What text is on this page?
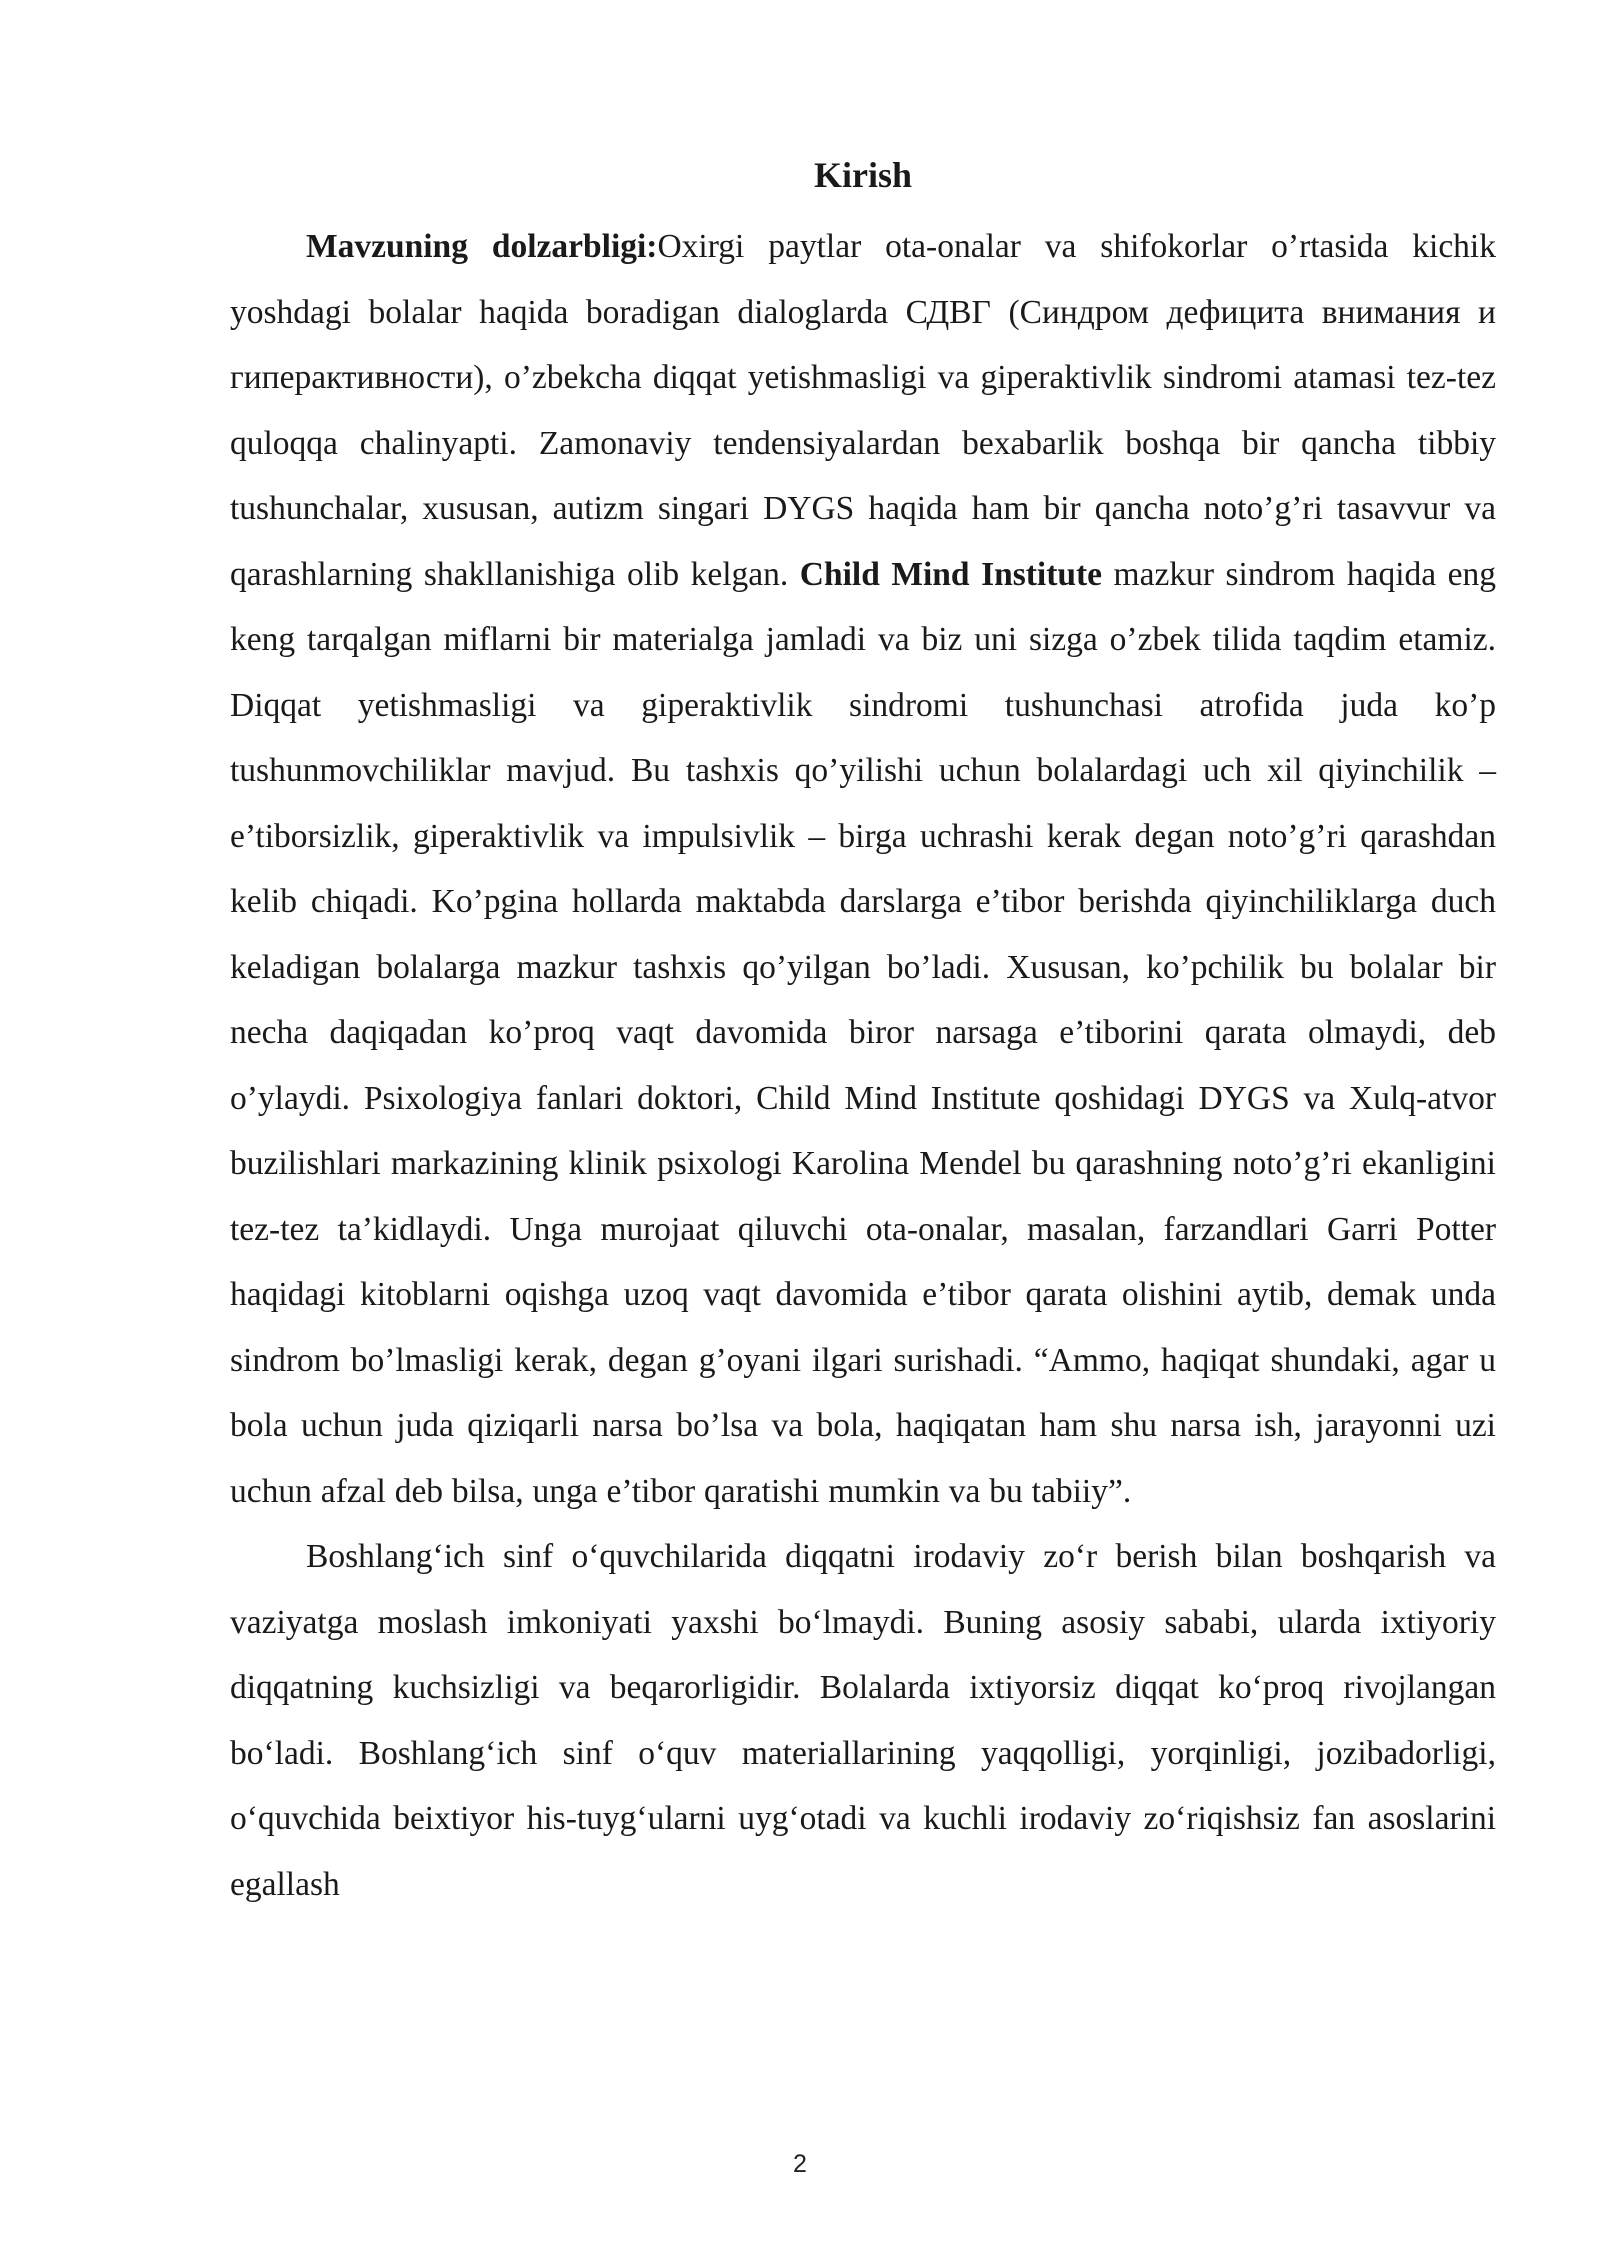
Kirish

Mavzuning dolzarbligi:Oxirgi paytlar ota-onalar va shifokorlar o’rtasida kichik yoshdagi bolalar haqida boradigan dialoglarda СДВГ (Синдром дефицита внимания и гиперактивности), o’zbekcha diqqat yetishmasligi va giperaktivlik sindromi atamasi tez-tez quloqqa chalinyapti. Zamonaviy tendensiyalardan bexabarlik boshqa bir qancha tibbiy tushunchalar, xususan, autizm singari DYGS haqida ham bir qancha noto’g’ri tasavvur va qarashlarning shakllanishiga olib kelgan. Child Mind Institute mazkur sindrom haqida eng keng tarqalgan miflarni bir materialga jamladi va biz uni sizga o’zbek tilida taqdim etamiz. Diqqat yetishmasligi va giperaktivlik sindromi tushunchasi atrofida juda ko’p tushunmovchiliklar mavjud. Bu tashxis qo’yilishi uchun bolalardagi uch xil qiyinchilik – e’tiborsizlik, giperaktivlik va impulsivlik – birga uchrashi kerak degan noto’g’ri qarashdan kelib chiqadi. Ko’pgina hollarda maktabda darslarga e’tibor berishda qiyinchiliklarga duch keladigan bolalarga mazkur tashxis qo’yilgan bo’ladi. Xususan, ko’pchilik bu bolalar bir necha daqiqadan ko’proq vaqt davomida biror narsaga e’tiborini qarata olmaydi, deb o’ylaydi. Psixologiya fanlari doktori, Child Mind Institute qoshidagi DYGS va Xulq-atvor buzilishlari markazining klinik psixologi Karolina Mendel bu qarashning noto’g’ri ekanligini tez-tez ta’kidlaydi. Unga murojaat qiluvchi ota-onalar, masalan, farzandlari Garri Potter haqidagi kitoblarni oqishga uzoq vaqt davomida e’tibor qarata olishini aytib, demak unda sindrom bo’lmasligi kerak, degan g’oyani ilgari surishadi. “Ammo, haqiqat shundaki, agar u bola uchun juda qiziqarli narsa bo’lsa va bola, haqiqatan ham shu narsa ish, jarayonni uzi uchun afzal deb bilsa, unga e’tibor qaratishi mumkin va bu tabiiy”.

Boshlang‘ich sinf o‘quvchilarida diqqatni irodaviy zo‘r berish bilan boshqarish va vaziyatga moslash imkoniyati yaxshi bo‘lmaydi. Buning asosiy sababi, ularda ixtiyoriy diqqatning kuchsizligi va beqarorligidir. Bolalarda ixtiyorsiz diqqat ko‘proq rivojlangan bo‘ladi. Boshlang‘ich sinf o‘quv materiallarining yaqqolligi, yorqinligi, jozibadorligi, o‘quvchida beixtiyor his-tuyg‘ularni uyg‘otadi va kuchli irodaviy zo‘riqishsiz fan asoslarini egallash

2
